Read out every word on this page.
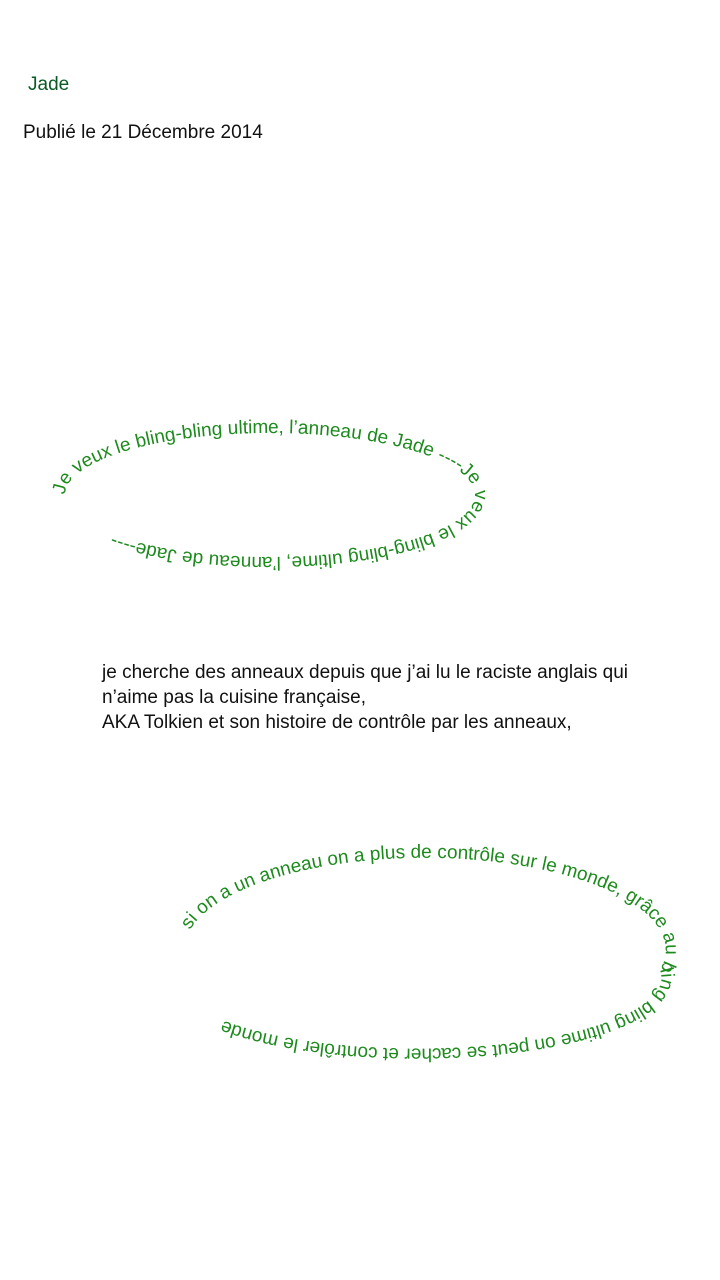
Jade
Publié le 21 Décembre 2014
Je veux le bling-bling ultime, l’anneau de Jade ----Je veux le bling-bling ultime, l’anneau de Jade----
si on a un anneau on a plus de contrôle sur le monde, grâce au bling bling ultime on peut se cacher et contrôler le monde
je cherche des anneaux depuis que j’ai lu le raciste anglais qui
n’aime pas la cuisine française,
AKA Tolkien et son histoire de contrôle par les anneaux,
